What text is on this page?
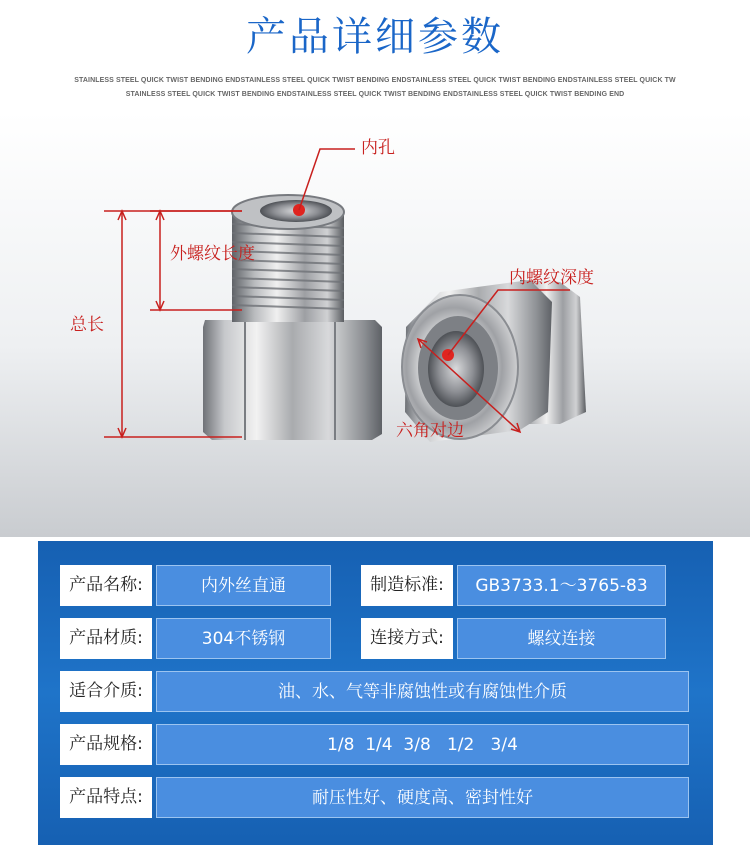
产品详细参数
STAINLESS STEEL QUICK TWIST BENDING ENDSTAINLESS STEEL QUICK TWIST BENDING ENDSTAINLESS STEEL QUICK TWIST BENDING ENDSTAINLESS STEEL QUICK TW
STAINLESS STEEL QUICK TWIST BENDING ENDSTAINLESS STEEL QUICK TWIST BENDING ENDSTAINLESS STEEL QUICK TWIST BENDING END
内孔
外螺纹长度
总长
内螺纹深度
六角对边
产品名称:	内外丝直通	制造标准:	GB3733.1～3765-83
产品材质:	304不锈钢	连接方式:	螺纹连接
适合介质:	油、水、气等非腐蚀性或有腐蚀性介质
产品规格:	1/8  1/4  3/8   1/2   3/4
产品特点:	耐压性好、硬度高、密封性好
